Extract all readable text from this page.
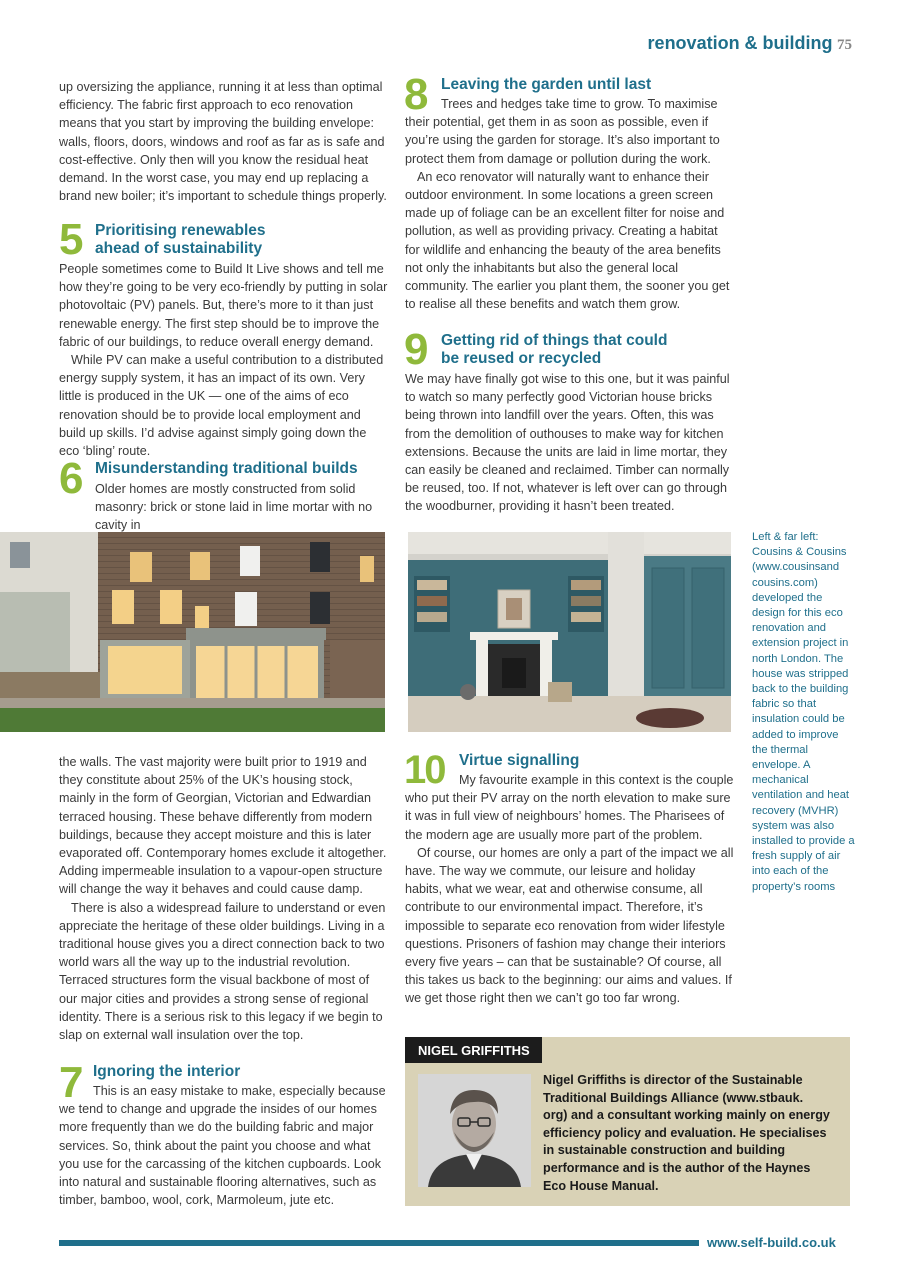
renovation & building 75

up oversizing the appliance, running it at less than optimal efficiency. The fabric first approach to eco renovation means that you start by improving the building envelope: walls, floors, doors, windows and roof as far as is safe and cost-effective. Only then will you know the residual heat demand. In the worst case, you may end up replacing a brand new boiler; it’s important to schedule things properly.

5 Prioritising renewables
ahead of sustainability

People sometimes come to Build It Live shows and tell me how they’re going to be very eco-friendly by putting in solar photovoltaic (PV) panels. But, there’s more to it than just renewable energy. The first step should be to improve the fabric of our buildings, to reduce overall energy demand.

While PV can make a useful contribution to a distributed energy supply system, it has an impact of its own. Very little is produced in the UK — one of the aims of eco renovation should be to provide local employment and build up skills. I’d advise against simply going down the eco ‘bling’ route.

6 Misunderstanding traditional builds

Older homes are mostly constructed from solid masonry: brick or stone laid in lime mortar with no cavity in

Left & far left: Cousins & Cousins (www.cousinsand cousins.com) developed the design for this eco renovation and extension project in north London. The house was stripped back to the building fabric so that insulation could be added to improve the thermal envelope. A mechanical ventilation and heat recovery (MVHR) system was also installed to provide a fresh supply of air into each of the property’s rooms

the walls. The vast majority were built prior to 1919 and they constitute about 25% of the UK’s housing stock, mainly in the form of Georgian, Victorian and Edwardian terraced housing. These behave differently from modern buildings, because they accept moisture and this is later evaporated off. Contemporary homes exclude it altogether. Adding impermeable insulation to a vapour-open structure will change the way it behaves and could cause damp.

There is also a widespread failure to understand or even appreciate the heritage of these older buildings. Living in a traditional house gives you a direct connection back to two world wars all the way up to the industrial revolution. Terraced structures form the visual backbone of most of our major cities and provides a strong sense of regional identity. There is a serious risk to this legacy if we begin to slap on external wall insulation over the top.

7 Ignoring the interior

This is an easy mistake to make, especially because we tend to change and upgrade the insides of our homes more frequently than we do the building fabric and major services. So, think about the paint you choose and what you use for the carcassing of the kitchen cupboards. Look into natural and sustainable flooring alternatives, such as timber, bamboo, wool, cork, Marmoleum, jute etc.

8 Leaving the garden until last

Trees and hedges take time to grow. To maximise their potential, get them in as soon as possible, even if you’re using the garden for storage. It’s also important to protect them from damage or pollution during the work.

An eco renovator will naturally want to enhance their outdoor environment. In some locations a green screen made up of foliage can be an excellent filter for noise and pollution, as well as providing privacy. Creating a habitat for wildlife and enhancing the beauty of the area benefits not only the inhabitants but also the general local community. The earlier you plant them, the sooner you get to realise all these benefits and watch them grow.

9 Getting rid of things that could
be reused or recycled

We may have finally got wise to this one, but it was painful to watch so many perfectly good Victorian house bricks being thrown into landfill over the years. Often, this was from the demolition of outhouses to make way for kitchen extensions. Because the units are laid in lime mortar, they can easily be cleaned and reclaimed. Timber can normally be reused, too. If not, whatever is left over can go through the woodburner, providing it hasn’t been treated.

10 Virtue signalling

My favourite example in this context is the couple who put their PV array on the north elevation to make sure it was in full view of neighbours’ homes. The Pharisees of the modern age are usually more part of the problem.

Of course, our homes are only a part of the impact we all have. The way we commute, our leisure and holiday habits, what we wear, eat and otherwise consume, all contribute to our environmental impact. Therefore, it’s impossible to separate eco renovation from wider lifestyle questions. Prisoners of fashion may change their interiors every five years – can that be sustainable? Of course, all this takes us back to the beginning: our aims and values. If we get those right then we can’t go too far wrong.

NIGEL GRIFFITHS
Nigel Griffiths is director of the Sustainable Traditional Buildings Alliance (www.stbauk. org) and a consultant working mainly on energy efficiency policy and evaluation. He specialises in sustainable construction and building performance and is the author of the Haynes Eco House Manual.
www.self-build.co.uk
